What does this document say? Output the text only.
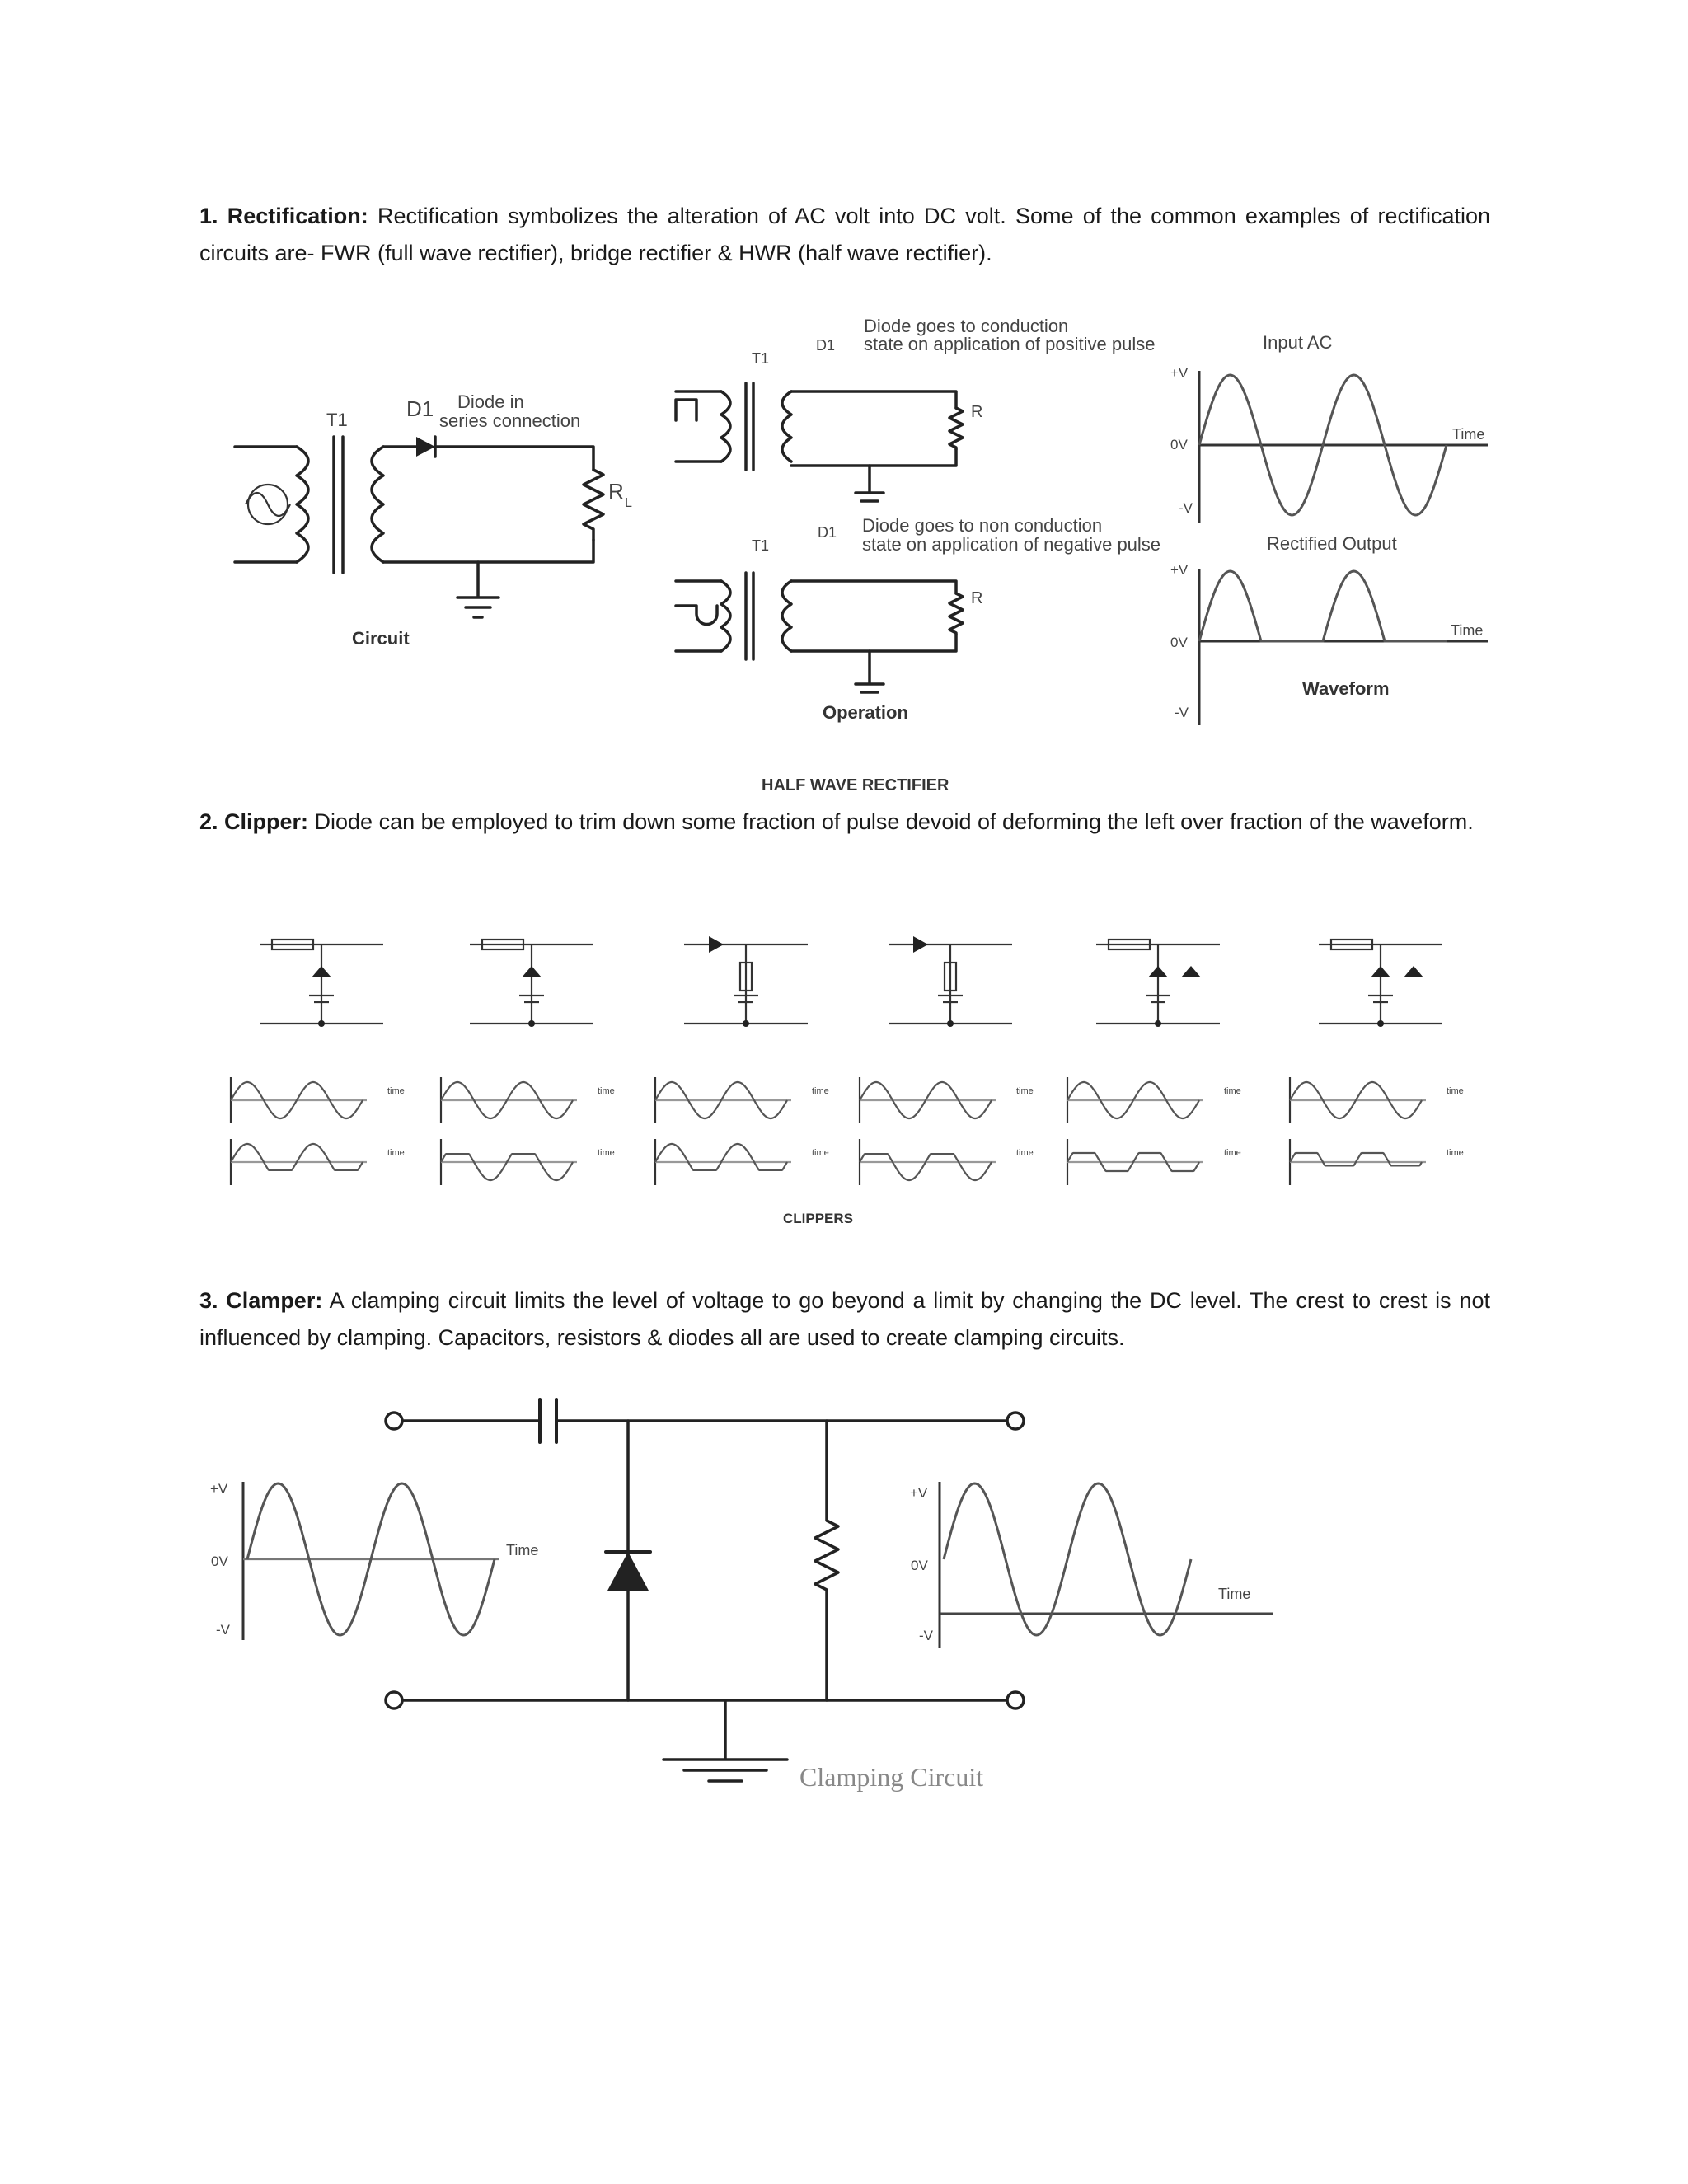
1. Rectification: Rectification symbolizes the alteration of AC volt into DC volt. Some of the common examples of rectification circuits are- FWR (full wave rectifier), bridge rectifier & HWR (half wave rectifier).

T1	D1 Diode in
series connection
R L
Circuit
Diode goes to conduction
state on application of positive pulse
D1
T1
R
Diode goes to non conduction
state on application of negative pulse
D1
T1
R
Operation
Input AC
+V
0V
-V
Time
Rectified Output
+V
0V
-V
Time
Waveform
HALF WAVE RECTIFIER

2. Clipper: Diode can be employed to trim down some fraction of pulse devoid of deforming the left over fraction of the waveform.

time
time
time
time
time
time
time
time
time
time
time
time
CLIPPERS

3. Clamper: A clamping circuit limits the level of voltage to go beyond a limit by changing the DC level. The crest to crest is not influenced by clamping. Capacitors, resistors & diodes all are used to create clamping circuits.

Clamping Circuit
+V
0V
-V
Time
+V
0V
-V
Time
